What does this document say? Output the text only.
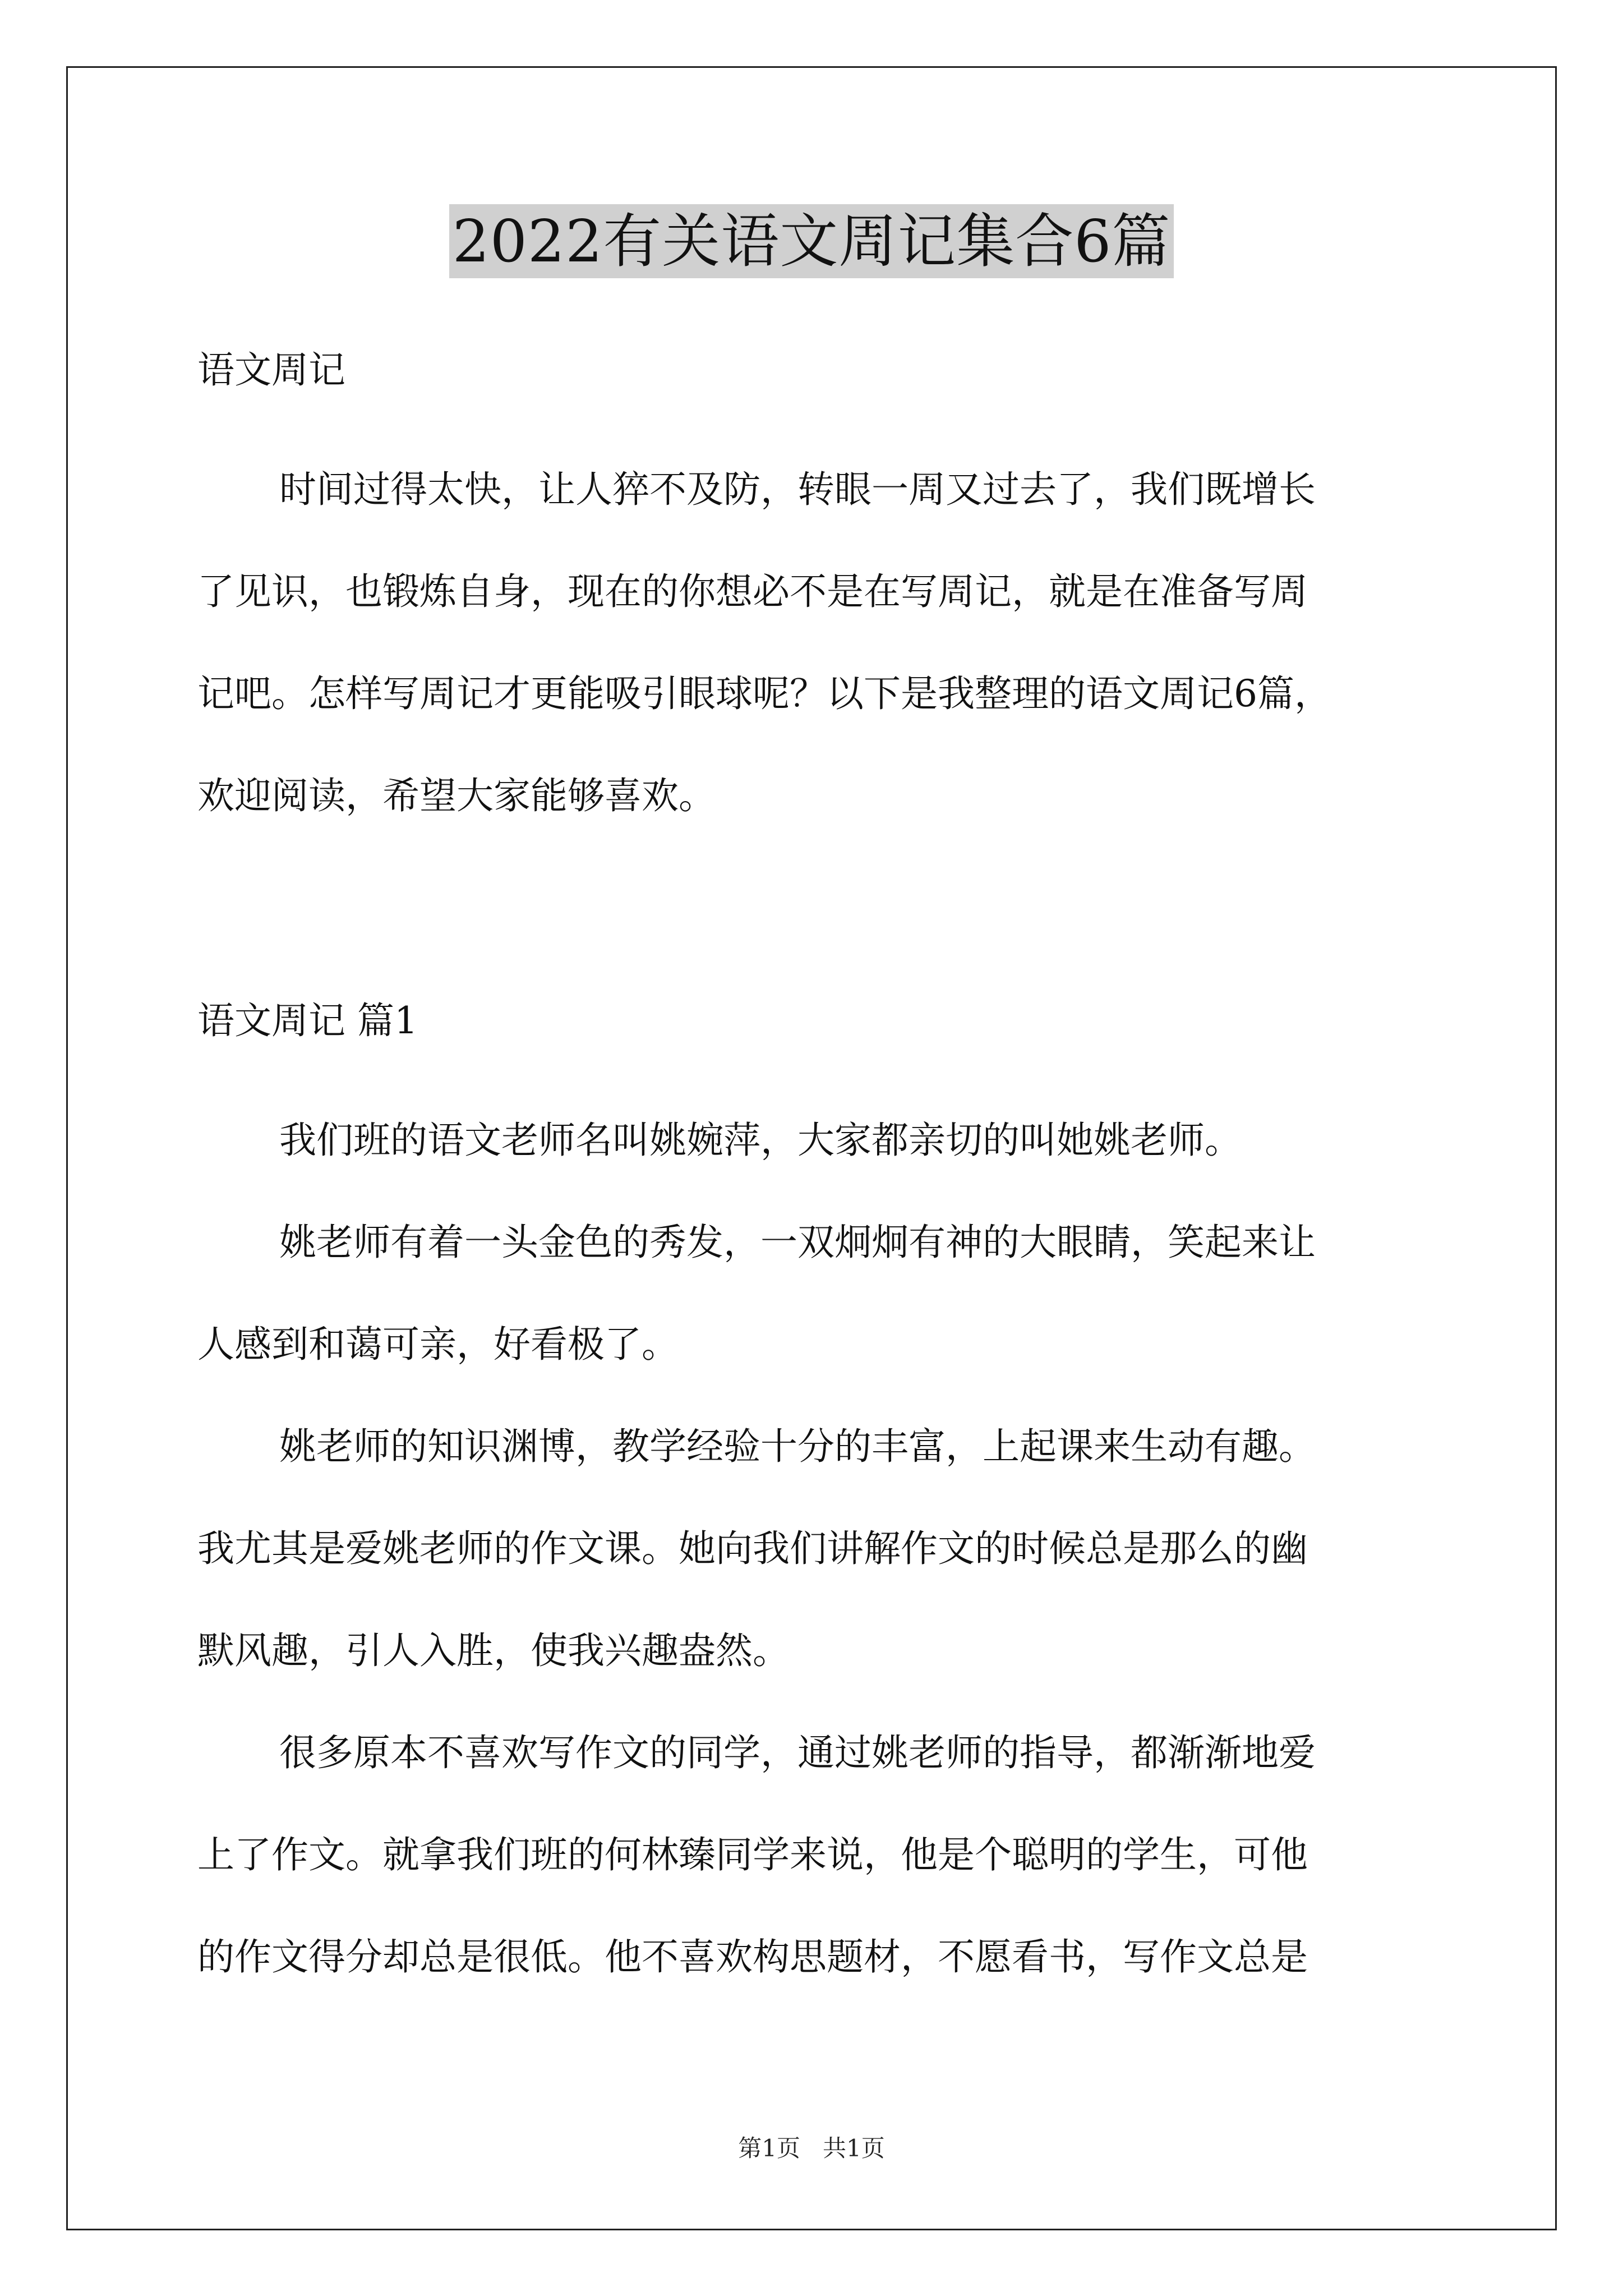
2022有关语文周记集合6篇

语文周记

时间过得太快，让人猝不及防，转眼一周又过去了，我们既增长
了见识，也锻炼自身，现在的你想必不是在写周记，就是在准备写周
记吧。怎样写周记才更能吸引眼球呢？以下是我整理的语文周记6篇，
欢迎阅读，希望大家能够喜欢。

语文周记 篇1

我们班的语文老师名叫姚婉萍，大家都亲切的叫她姚老师。

姚老师有着一头金色的秀发，一双炯炯有神的大眼睛，笑起来让
人感到和蔼可亲，好看极了。

姚老师的知识渊博，教学经验十分的丰富，上起课来生动有趣。
我尤其是爱姚老师的作文课。她向我们讲解作文的时候总是那么的幽
默风趣，引人入胜，使我兴趣盎然。

很多原本不喜欢写作文的同学，通过姚老师的指导，都渐渐地爱
上了作文。就拿我们班的何林臻同学来说，他是个聪明的学生，可他
的作文得分却总是很低。他不喜欢构思题材，不愿看书，写作文总是

第1页 共1页
